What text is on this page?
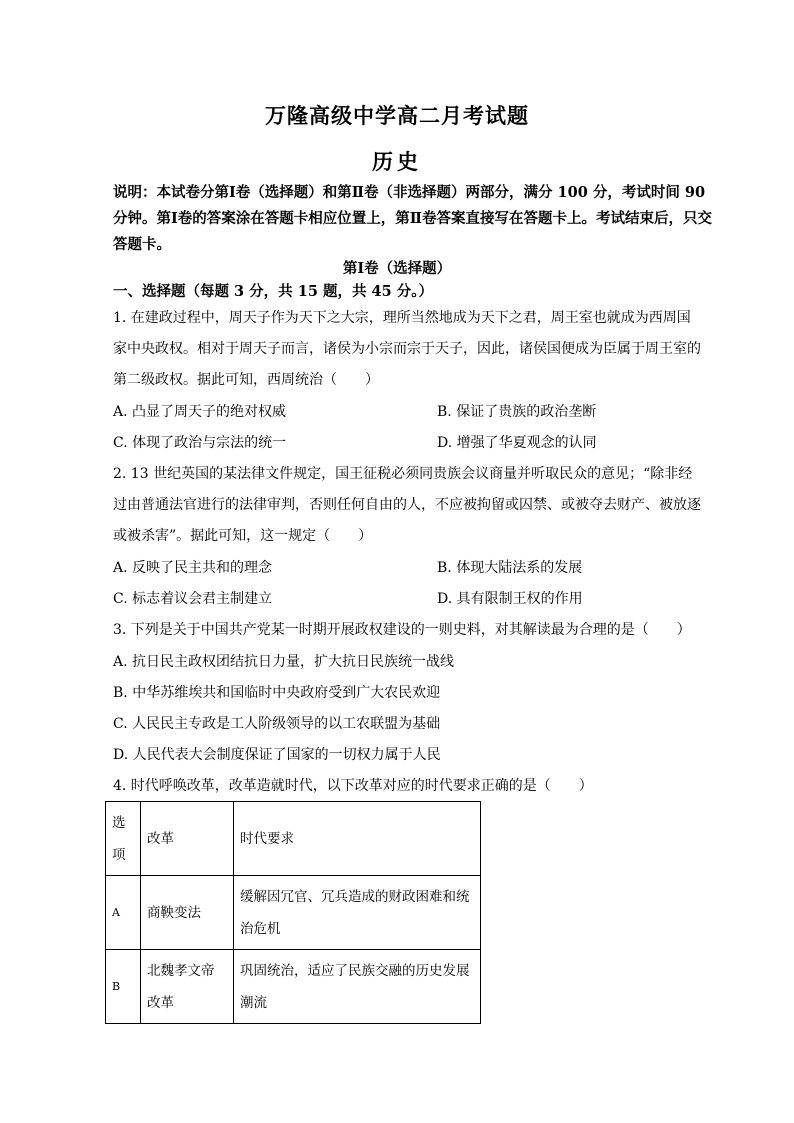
万隆高级中学高二月考试题
历史
说明：本试卷分第Ⅰ卷（选择题）和第Ⅱ卷（非选择题）两部分，满分 100 分，考试时间 90 分钟。第Ⅰ卷的答案涂在答题卡相应位置上，第Ⅱ卷答案直接写在答题卡上。考试结束后，只交答题卡。
第Ⅰ卷（选择题）
一、选择题（每题 3 分，共 15 题，共 45 分。）
1. 在建政过程中，周天子作为天下之大宗，理所当然地成为天下之君，周王室也就成为西周国家中央政权。相对于周天子而言，诸侯为小宗而宗于天子，因此，诸侯国便成为臣属于周王室的第二级政权。据此可知，西周统治（　　）
A. 凸显了周天子的绝对权威	B. 保证了贵族的政治垄断
C. 体现了政治与宗法的统一	D. 增强了华夏观念的认同
2. 13 世纪英国的某法律文件规定，国王征税必须同贵族会议商量并听取民众的意见；“除非经过由普通法官进行的法律审判，否则任何自由的人，不应被拘留或囚禁、或被夺去财产、被放逐或被杀害”。据此可知，这一规定（　　）
A. 反映了民主共和的理念	B. 体现大陆法系的发展
C. 标志着议会君主制建立	D. 具有限制王权的作用
3. 下列是关于中国共产党某一时期开展政权建设的一则史料，对其解读最为合理的是（　　）
A. 抗日民主政权团结抗日力量，扩大抗日民族统一战线
B. 中华苏维埃共和国临时中央政府受到广大农民欢迎
C. 人民民主专政是工人阶级领导的以工农联盟为基础
D. 人民代表大会制度保证了国家的一切权力属于人民
4. 时代呼唤改革，改革造就时代，以下改革对应的时代要求正确的是（　　）
选项	改革	时代要求
A	商鞅变法	缓解因冗官、冗兵造成的财政困难和统治危机
B	北魏孝文帝改革	巩固统治，适应了民族交融的历史发展潮流
